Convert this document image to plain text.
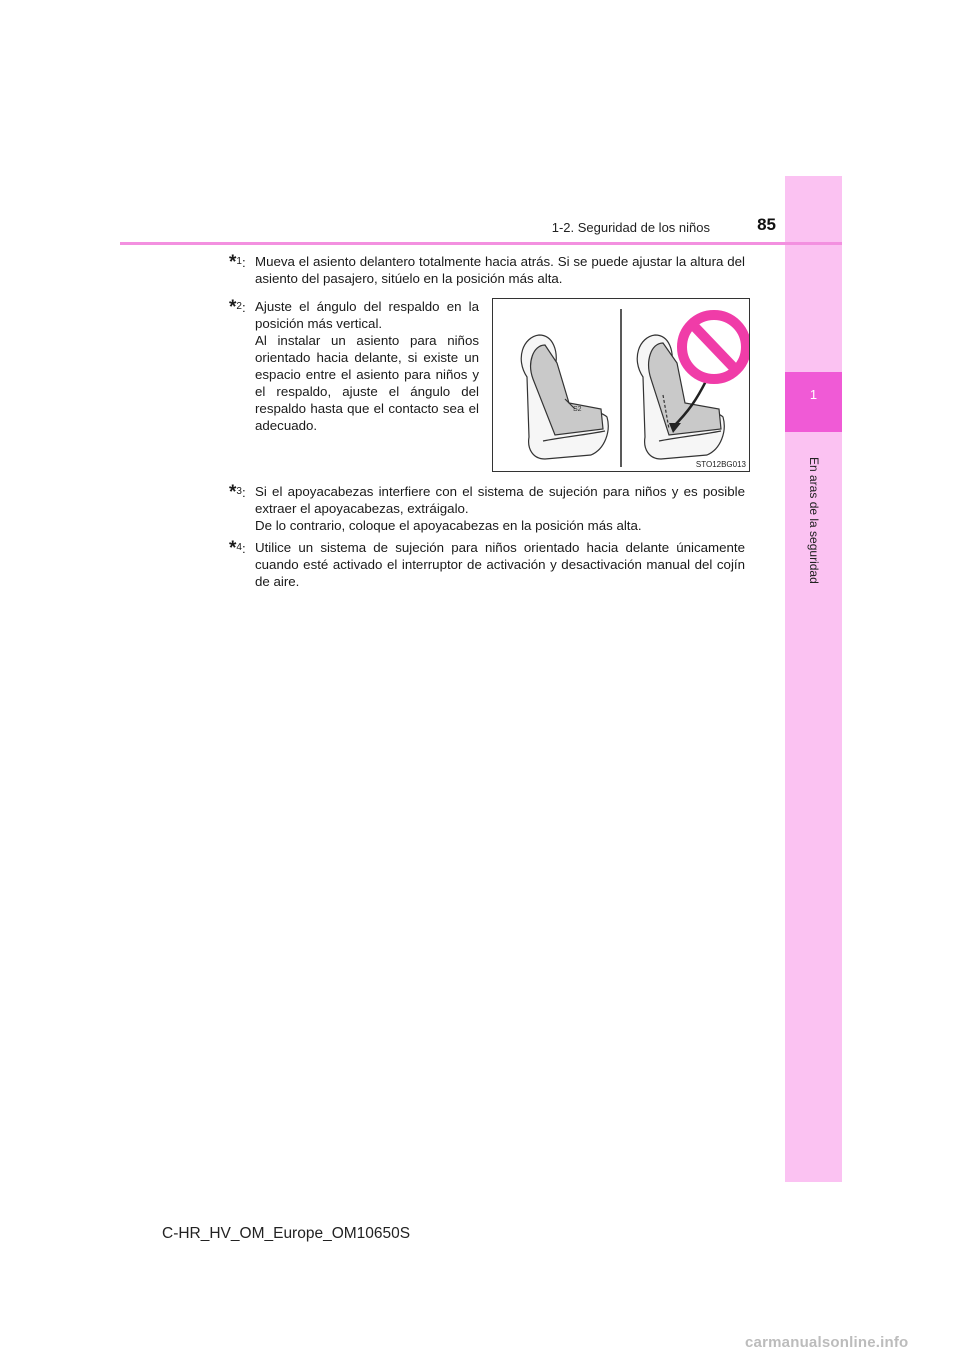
1
En aras de la seguridad
1-2. Seguridad de los niños	85
*$^1$: Mueva el asiento delantero totalmente hacia atrás. Si se puede ajustar la altura del asiento del pasajero, sitúelo en la posición más alta.
*$^2$: Ajuste el ángulo del respaldo en la posición más vertical.
Al instalar un asiento para niños orientado hacia delante, si existe un espacio entre el asiento para niños y el respaldo, ajuste el ángulo del respaldo hasta que el contacto sea el adecuado.
S2
STO12BG013
*$^3$: Si el apoyacabezas interfiere con el sistema de sujeción para niños y es posible extraer el apoyacabezas, extráigalo.
De lo contrario, coloque el apoyacabezas en la posición más alta.
*$^4$: Utilice un sistema de sujeción para niños orientado hacia delante únicamente cuando esté activado el interruptor de activación y desactivación manual del cojín de aire.
C-HR_HV_OM_Europe_OM10650S
carmanualsonline.info
